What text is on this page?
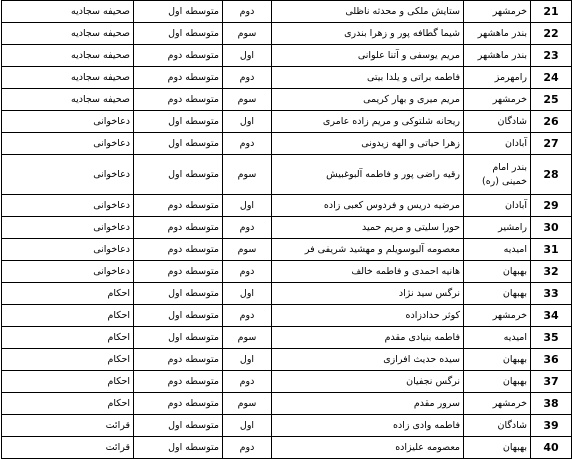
21	خرمشهر	ستایش ملکی و محدثه ناظلی	دوم	متوسطه اول	صحیفه سجادیه
22	بندر ماهشهر	شیما گطافه پور و زهرا بندری	سوم	متوسطه اول	صحیفه سجادیه
23	بندر ماهشهر	مریم یوسفی و آتنا علوانی	اول	متوسطه دوم	صحیفه سجادیه
24	رامهرمز	فاطمه براتی و یلدا بیتی	دوم	متوسطه دوم	صحیفه سجادیه
25	خرمشهر	مریم میری و بهار کریمی	سوم	متوسطه دوم	صحیفه سجادیه
26	شادگان	ریحانه شلتوکی و مریم زاده عامری	اول	متوسطه اول	دعاخوانی
27	آبادان	زهرا حیاتی و الهه زیدونی	دوم	متوسطه اول	دعاخوانی
28	بندر امام خمینی (ره)	رقیه راضی پور و فاطمه آلبوغبیش	سوم	متوسطه اول	دعاخوانی
29	آبادان	مرضیه دریس و فردوس کعبی زاده	اول	متوسطه دوم	دعاخوانی
30	رامشیر	حورا سلیتی و مریم حمید	دوم	متوسطه دوم	دعاخوانی
31	امیدیه	معصومه آلبوسویلم و مهشید شریفی فر	سوم	متوسطه دوم	دعاخوانی
32	بهبهان	هانیه احمدی و فاطمه خالف	دوم	متوسطه دوم	دعاخوانی
33	بهبهان	نرگس سید نژاد	اول	متوسطه اول	احکام
34	خرمشهر	کوثر حدادزاده	دوم	متوسطه اول	احکام
35	امیدیه	فاطمه بنیادی مقدم	سوم	متوسطه اول	احکام
36	بهبهان	سیده حدیث افرازی	اول	متوسطه دوم	احکام
37	بهبهان	نرگس نجفیان	دوم	متوسطه دوم	احکام
38	خرمشهر	سرور مقدم	سوم	متوسطه دوم	احکام
39	شادگان	فاطمه وادی زاده	اول	متوسطه اول	قرائت
40	بهبهان	معصومه علیزاده	دوم	متوسطه اول	قرائت
